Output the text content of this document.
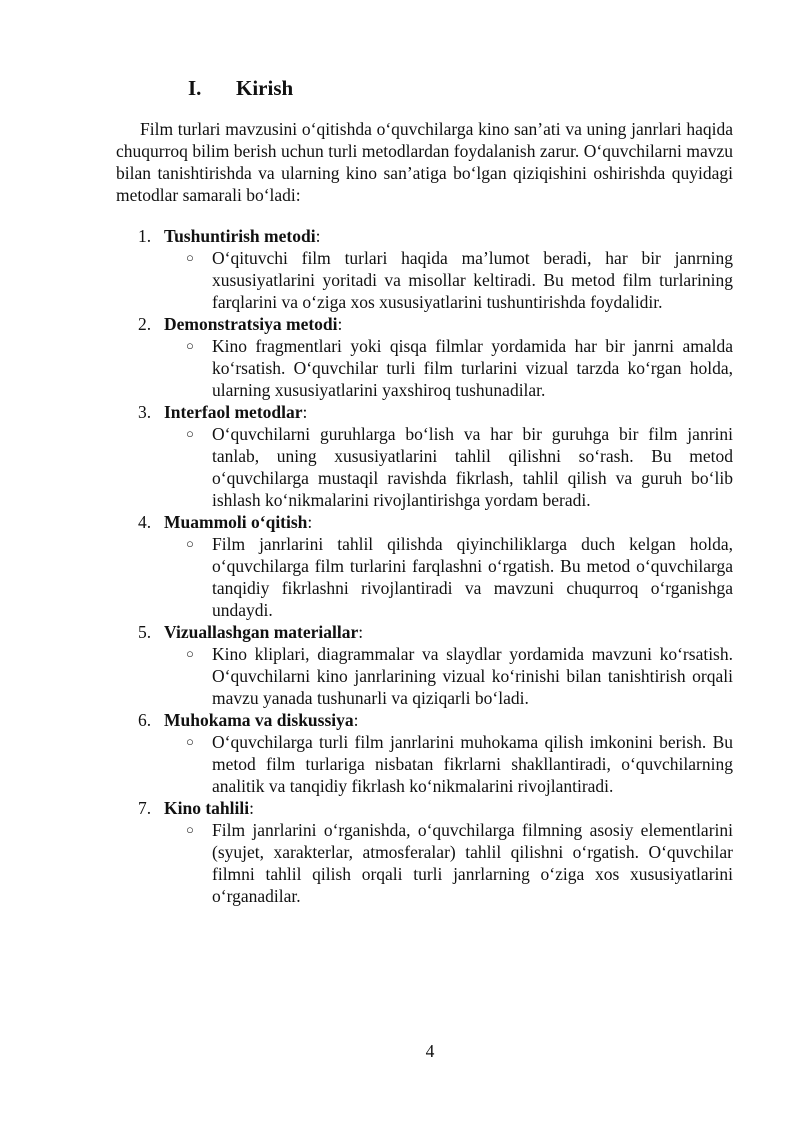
I. Kirish

Film turlari mavzusini oʻqitishda oʻquvchilarga kino san’ati va uning janrlari haqida chuqurroq bilim berish uchun turli metodlardan foydalanish zarur. Oʻquvchilarni mavzu bilan tanishtirishda va ularning kino san’atiga boʻlgan qiziqishini oshirishda quyidagi metodlar samarali boʻladi:

1. Tushuntirish metodi:

○ Oʻqituvchi film turlari haqida ma’lumot beradi, har bir janrning xususiyatlarini yoritadi va misollar keltiradi. Bu metod film turlarining farqlarini va oʻziga xos xususiyatlarini tushuntirishda foydalidir.

2. Demonstratsiya metodi:

○ Kino fragmentlari yoki qisqa filmlar yordamida har bir janrni amalda koʻrsatish. Oʻquvchilar turli film turlarini vizual tarzda koʻrgan holda, ularning xususiyatlarini yaxshiroq tushunadilar.

3. Interfaol metodlar:

○ Oʻquvchilarni guruhlarga boʻlish va har bir guruhga bir film janrini tanlab, uning xususiyatlarini tahlil qilishni soʻrash. Bu metod oʻquvchilarga mustaqil ravishda fikrlash, tahlil qilish va guruh boʻlib ishlash koʻnikmalarini rivojlantirishga yordam beradi.

4. Muammoli oʻqitish:

○ Film janrlarini tahlil qilishda qiyinchiliklarga duch kelgan holda, oʻquvchilarga film turlarini farqlashni oʻrgatish. Bu metod oʻquvchilarga tanqidiy fikrlashni rivojlantiradi va mavzuni chuqurroq oʻrganishga undaydi.

5. Vizuallashgan materiallar:

○ Kino kliplari, diagrammalar va slaydlar yordamida mavzuni koʻrsatish. Oʻquvchilarni kino janrlarining vizual koʻrinishi bilan tanishtirish orqali mavzu yanada tushunarli va qiziqarli boʻladi.

6. Muhokama va diskussiya:

○ Oʻquvchilarga turli film janrlarini muhokama qilish imkonini berish. Bu metod film turlariga nisbatan fikrlarni shakllantiradi, oʻquvchilarning analitik va tanqidiy fikrlash koʻnikmalarini rivojlantiradi.

7. Kino tahlili:

○ Film janrlarini oʻrganishda, oʻquvchilarga filmning asosiy elementlarini (syujet, xarakterlar, atmosferalar) tahlil qilishni oʻrgatish. Oʻquvchilar filmni tahlil qilish orqali turli janrlarning oʻziga xos xususiyatlarini oʻrganadilar.

4
